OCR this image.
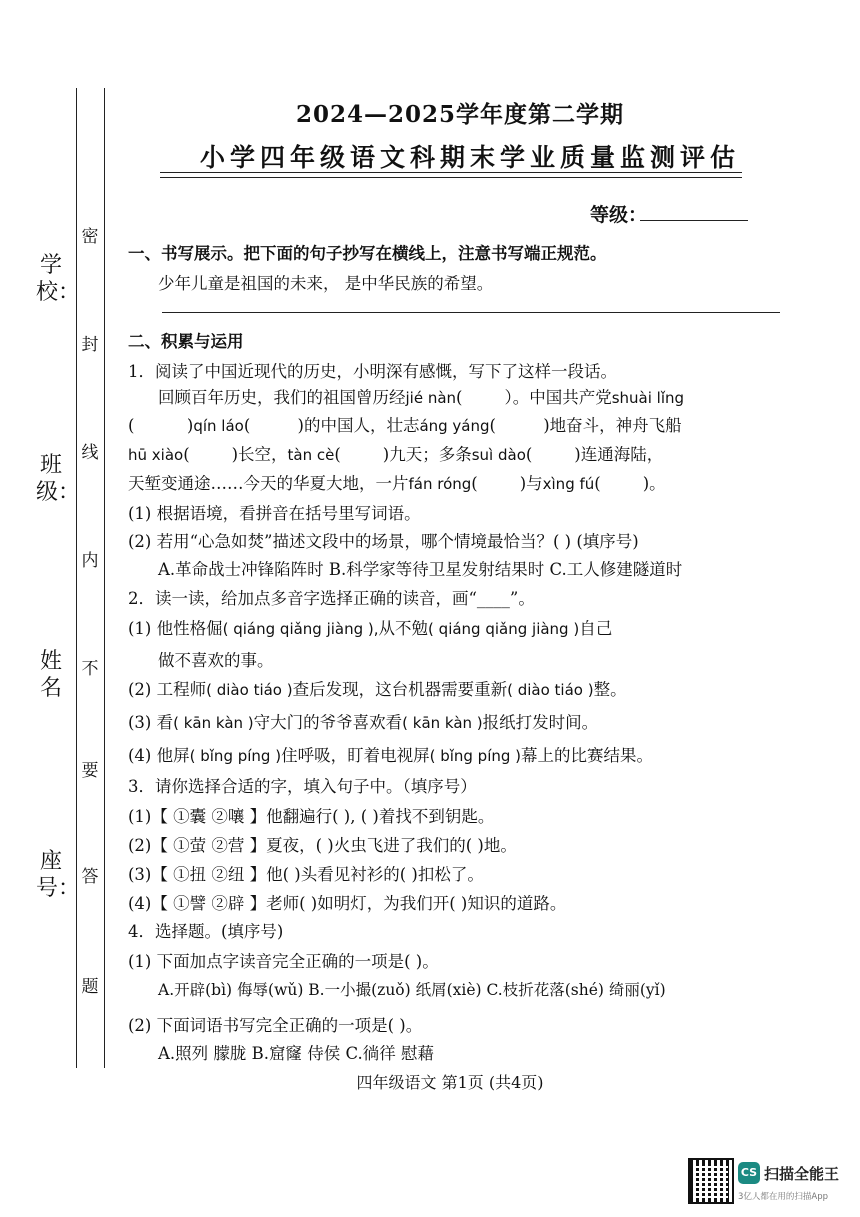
密
封
线
内
不
要
答
题
学校：
班级：
姓名
座号：
2024—2025学年度第二学期
小学四年级语文科期末学业质量监测评估
等级：
一、书写展示。把下面的句子抄写在横线上，注意书写端正规范。
少年儿童是祖国的未来， 是中华民族的希望。
二、积累与运用
1．阅读了中国近现代的历史，小明深有感慨，写下了这样一段话。
回顾百年历史，我们的祖国曾历经jié nàn(        ）。中国共产党shuài lǐng
(          )qín láo(         )的中国人，壮志áng yáng(         )地奋斗，神舟飞船
hū xiào(        )长空，tàn cè(        )九天；多条suì dào(        )连通海陆，
天堑变通途……今天的华夏大地，一片fán róng(        )与xìng fú(        )。
(1) 根据语境，看拼音在括号里写词语。
(2) 若用“心急如焚”描述文段中的场景，哪个情境最恰当？( ) (填序号)
A.革命战士冲锋陷阵时 B.科学家等待卫星发射结果时 C.工人修建隧道时
2．读一读，给加点多音字选择正确的读音，画“____”。
(1) 他性格倔( qiáng qiǎng jiàng ),从不勉( qiáng qiǎng jiàng )自己
做不喜欢的事。
(2) 工程师( diào tiáo )查后发现，这台机器需要重新( diào tiáo )整。
(3) 看( kān kàn )守大门的爷爷喜欢看( kān kàn )报纸打发时间。
(4) 他屏( bǐng píng )住呼吸，盯着电视屏( bǐng píng )幕上的比赛结果。
3．请你选择合适的字，填入句子中。（填序号）
(1)【 ①囊 ②嚷 】他翻遍行( ), ( )着找不到钥匙。
(2)【 ①萤 ②营 】夏夜，( )火虫飞进了我们的( )地。
(3)【 ①扭 ②纽 】他( )头看见衬衫的( )扣松了。
(4)【 ①譬 ②辟 】老师( )如明灯，为我们开( )知识的道路。
4．选择题。(填序号)
(1) 下面加点字读音完全正确的一项是( )。
A.开辟(bì) 侮辱(wǔ) B.一小撮(zuǒ) 纸屑(xiè) C.枝折花落(shé) 绮丽(yǐ)
(2) 下面词语书写完全正确的一项是( )。
A.照列 朦胧 B.窟窿 侍侯 C.徜徉 慰藉
四年级语文 第1页 (共4页)
CS 扫描全能王
3亿人都在用的扫描App
